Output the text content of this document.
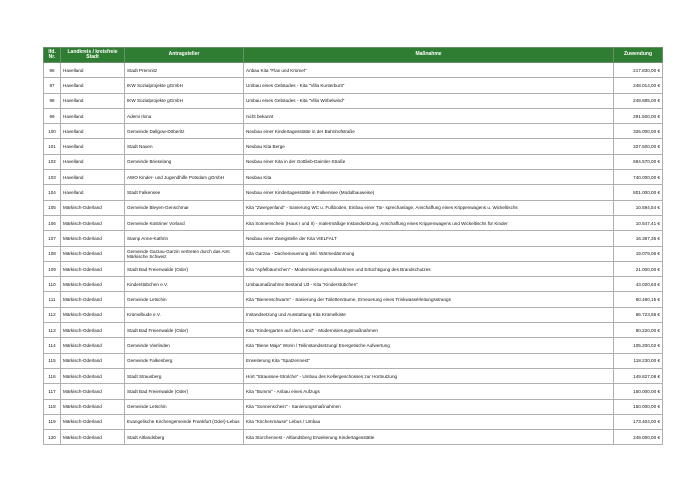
lfd. Nr.	Landkreis / kreisfreie Stadt	Antragsteller	Maßnahme	Zuwendung
96	Havelland	Stadt Premnitz	Anbau Kita "Flax und Krümel"	217.830,00 €
97	Havelland	IKW Sozialprojekte gGmbH	Umbau eines Gebäudes - Kita "Villa Kunterbunt"	248.014,00 €
98	Havelland	IKW Sozialprojekte gGmbH	Umbau eines Gebäudes - Kita "Villa Wirbelwind"	249.885,00 €
99	Havelland	Ademi Ilona	nicht bekannt	291.500,00 €
100	Havelland	Gemeinde Dallgow-Döberitz	Neubau einer Kindertagesstätte in der Bahnhofstraße	325.000,00 €
101	Havelland	Stadt Nauen	Neubau Kita Berge	327.500,00 €
102	Havelland	Gemeinde Brieselang	Neubau einer Kita in der Gottlieb-Daimler-Straße	684.570,00 €
103	Havelland	AWO Kinder- und Jugendhilfe Potsdam gGmbH	Neubau Kita	740.000,00 €
104	Havelland	Stadt Falkensee	Neubau einer Kindertagesstätte in Falkensee (Modulbauweise)	801.000,00 €
105	Märkisch-Oderland	Gemeinde Bleyen-Genschmar	Kita "Zwergenland" - Sanierung WC u. Fußboden, Einbau einer Tür- sprechanlage, Anschaffung eines Krippenwagens u. Wickeltischs	10.594,54 €
106	Märkisch-Oderland	Gemeinde Küstriner Vorland	Kita Sonnenschein (Haus I und II) - malermäßige Instandsetzung, Anschaffung eines Krippenwagens und Wickeltischs für Kinder	10.647,41 €
107	Märkisch-Oderland	Stamp Anne-Kathrin	Neubau einer Zweigstelle der Kita VIELFALT	16.387,36 €
108	Märkisch-Oderland	Gemeinde Garzau-Garzin vertreten durch das Amt Märkische Schweiz	Kita Garzau - Dachemeuerung inkl. Wärmedämmung	19.079,06 €
109	Märkisch-Oderland	Stadt Bad Freienwalde (Oder)	Kita "Apfelbäumchen" - Modernisierungsmaßnahmen und Ertüchtigung des Brandschutzes	21.000,00 €
110	Märkisch-Oderland	Kinderstübchen e.V.	Umbaumaßnahme Bestand U3 - Kita "Kinderstübchen"	43.020,63 €
111	Märkisch-Oderland	Gemeinde Letschin	Kita "Bienenschwarm" - Sanierung der Toilettenräume, Erneuerung eines Trinkwassérleitungsstrangs	60.480,15 €
112	Märkisch-Oderland	Krümelbude e.V.	Instandsetzung und Ausstattung Kita Krümelkiste	66.723,56 €
113	Märkisch-Oderland	Stadt Bad Freienwalde (Oder)	Kita "Kindergarten auf dem Land" - Modernisierungsmaßnahmen	80.220,00 €
114	Märkisch-Oderland	Gemeinde Vierlinden	Kita "Biene Maja" Worin / Teilinstandsetzung/ Energetische Aufwertung	105.200,02 €
115	Märkisch-Oderland	Gemeinde Falkenberg	Erweiterung Kita "Spatzennest"	118.230,00 €
116	Märkisch-Oderland	Stadt Strausberg	Hort "Strausseе-Strolche" - Umbau des Kellergeschosses zur Hortnutzung	149.827,08 €
117	Märkisch-Oderland	Stadt Bad Freienwalde (Oder)	Kita "Bummi" - Anbau eines Aufzugs	150.000,00 €
118	Märkisch-Oderland	Gemeinde Letschin	Kita "Sonnenschein" - Sanierungsmaßnahmen	150.000,00 €
119	Märkisch-Oderland	Evangelische Kirchengemeinde Frankfurt (Oder)-Lebus	Kita "Kirchenmäuse" Lebus / Umbau	173.404,00 €
120	Märkisch-Oderland	Stadt Altlandsberg	Kita Storchennest - Altlandsberg Erweiterung Kindertagesstätte	249.000,00 €
